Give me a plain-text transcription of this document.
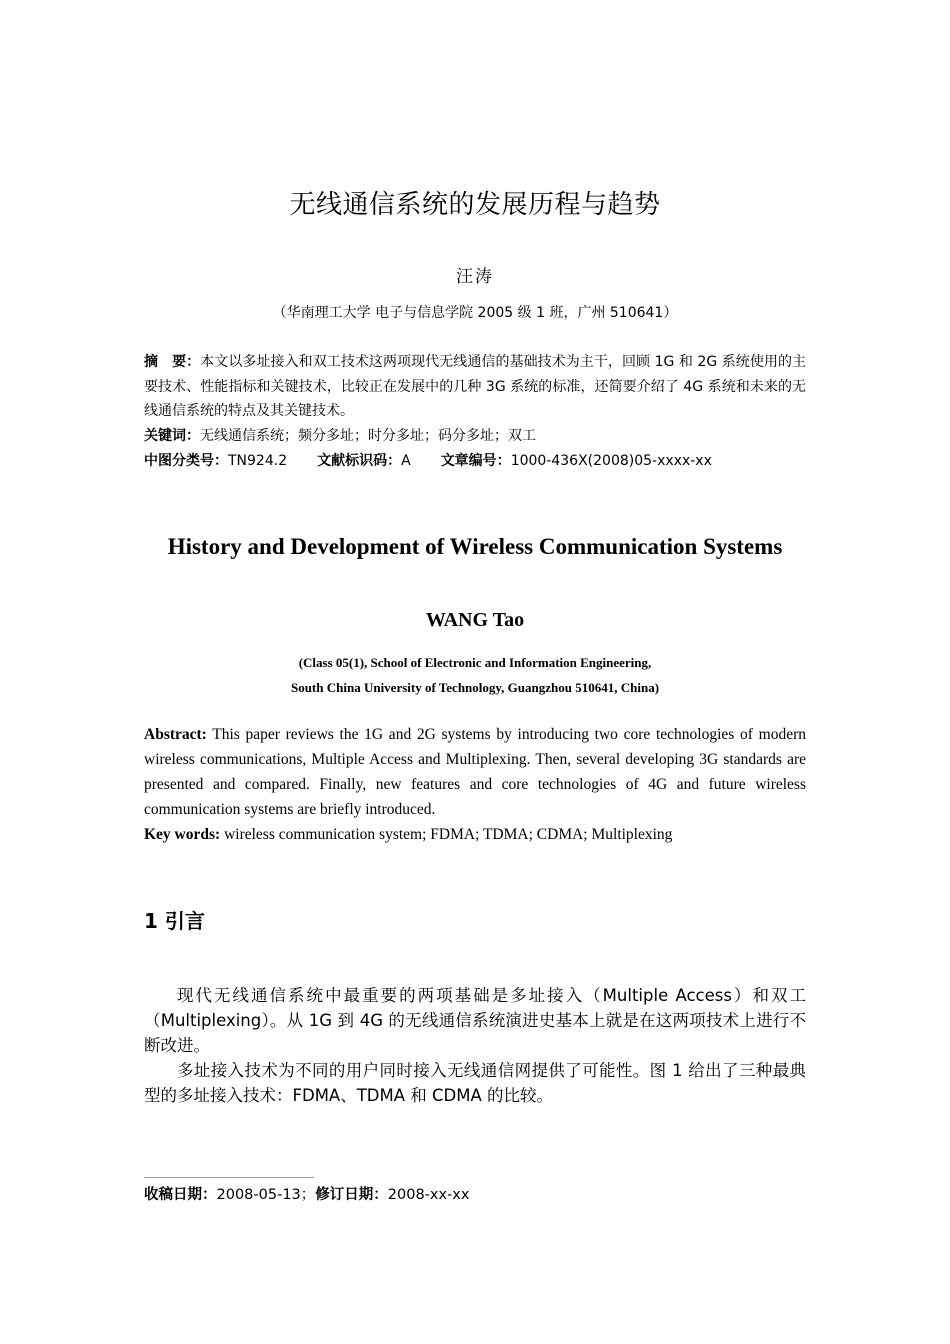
无线通信系统的发展历程与趋势
汪涛
（华南理工大学 电子与信息学院 2005 级 1 班，广州 510641）
摘　要：本文以多址接入和双工技术这两项现代无线通信的基础技术为主干，回顾 1G 和 2G 系统使用的主要技术、性能指标和关键技术，比较正在发展中的几种 3G 系统的标准，还简要介绍了 4G 系统和未来的无线通信系统的特点及其关键技术。
关键词：无线通信系统；频分多址；时分多址；码分多址；双工
中图分类号：TN924.2 文献标识码：A 文章编号：1000-436X(2008)05-xxxx-xx
History and Development of Wireless Communication Systems
WANG Tao
(Class 05(1), School of Electronic and Information Engineering,
South China University of Technology, Guangzhou 510641, China)
Abstract: This paper reviews the 1G and 2G systems by introducing two core technologies of modern wireless communications, Multiple Access and Multiplexing. Then, several developing 3G standards are presented and compared. Finally, new features and core technologies of 4G and future wireless communication systems are briefly introduced.
Key words: wireless communication system; FDMA; TDMA; CDMA; Multiplexing
1 引言

现代无线通信系统中最重要的两项基础是多址接入（Multiple Access）和双工（Multiplexing）。从 1G 到 4G 的无线通信系统演进史基本上就是在这两项技术上进行不断改进。

多址接入技术为不同的用户同时接入无线通信网提供了可能性。图 1 给出了三种最典型的多址接入技术：FDMA、TDMA 和 CDMA 的比较。

收稿日期：2008-05-13；修订日期：2008-xx-xx
